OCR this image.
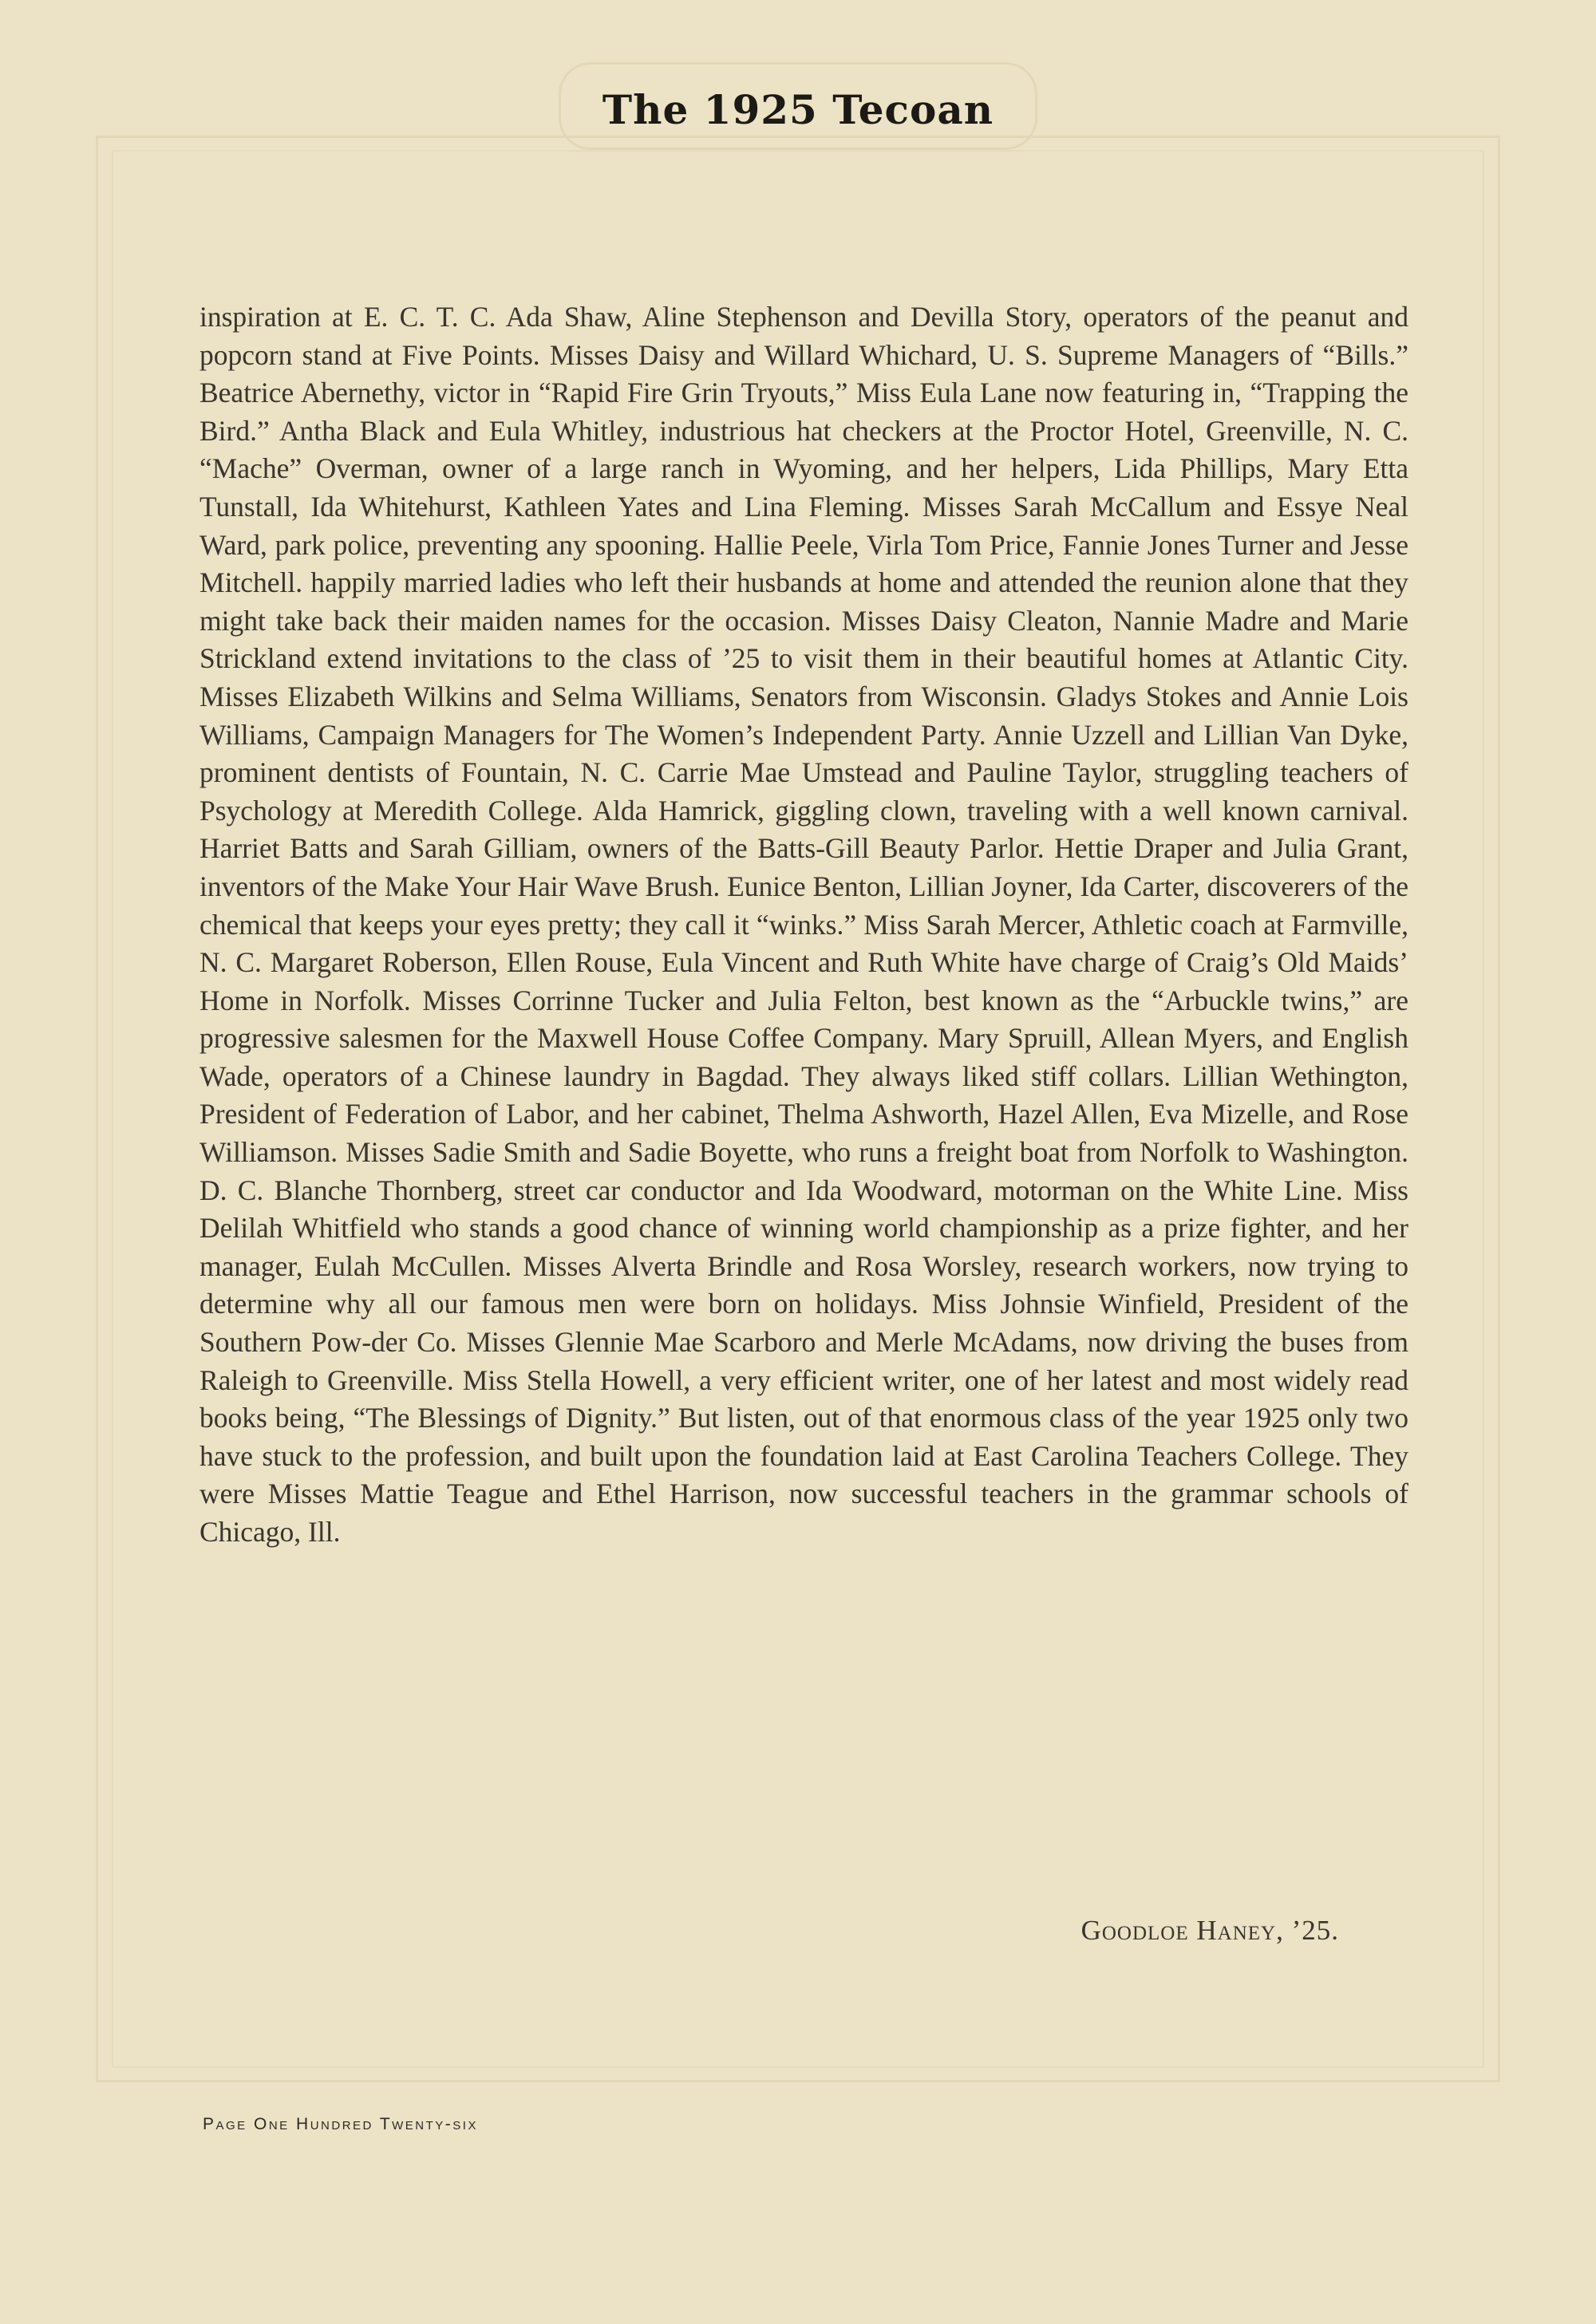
The 1925 Tecoan
inspiration at E. C. T. C. Ada Shaw, Aline Stephenson and Devilla Story, operators of the peanut and popcorn stand at Five Points. Misses Daisy and Willard Whichard, U. S. Supreme Managers of “Bills.” Beatrice Abernethy, victor in “Rapid Fire Grin Tryouts,” Miss Eula Lane now featuring in, “Trapping the Bird.” Antha Black and Eula Whitley, industrious hat checkers at the Proctor Hotel, Greenville, N. C. “Mache” Overman, owner of a large ranch in Wyoming, and her helpers, Lida Phillips, Mary Etta Tunstall, Ida Whitehurst, Kathleen Yates and Lina Fleming. Misses Sarah McCallum and Essye Neal Ward, park police, preventing any spooning. Hallie Peele, Virla Tom Price, Fannie Jones Turner and Jesse Mitchell. happily married ladies who left their husbands at home and attended the reunion alone that they might take back their maiden names for the occasion. Misses Daisy Cleaton, Nannie Madre and Marie Strickland extend invitations to the class of ’25 to visit them in their beautiful homes at Atlantic City. Misses Elizabeth Wilkins and Selma Williams, Senators from Wisconsin. Gladys Stokes and Annie Lois Williams, Campaign Managers for The Women’s Independent Party. Annie Uzzell and Lillian Van Dyke, prominent dentists of Fountain, N. C. Carrie Mae Umstead and Pauline Taylor, struggling teachers of Psychology at Meredith College. Alda Hamrick, giggling clown, traveling with a well known carnival. Harriet Batts and Sarah Gilliam, owners of the Batts-Gill Beauty Parlor. Hettie Draper and Julia Grant, inventors of the Make Your Hair Wave Brush. Eunice Benton, Lillian Joyner, Ida Carter, discoverers of the chemical that keeps your eyes pretty; they call it “winks.” Miss Sarah Mercer, Athletic coach at Farmville, N. C. Margaret Roberson, Ellen Rouse, Eula Vincent and Ruth White have charge of Craig’s Old Maids’ Home in Norfolk. Misses Corrinne Tucker and Julia Felton, best known as the “Arbuckle twins,” are progressive salesmen for the Maxwell House Coffee Company. Mary Spruill, Allean Myers, and English Wade, operators of a Chinese laundry in Bagdad. They always liked stiff collars. Lillian Wethington, President of Federation of Labor, and her cabinet, Thelma Ashworth, Hazel Allen, Eva Mizelle, and Rose Williamson. Misses Sadie Smith and Sadie Boyette, who runs a freight boat from Norfolk to Washington. D. C. Blanche Thornberg, street car conductor and Ida Woodward, motorman on the White Line. Miss Delilah Whitfield who stands a good chance of winning world championship as a prize fighter, and her manager, Eulah McCullen. Misses Alverta Brindle and Rosa Worsley, research workers, now trying to determine why all our famous men were born on holidays. Miss Johnsie Winfield, President of the Southern Pow-der Co. Misses Glennie Mae Scarboro and Merle McAdams, now driving the buses from Raleigh to Greenville. Miss Stella Howell, a very efficient writer, one of her latest and most widely read books being, “The Blessings of Dignity.” But listen, out of that enormous class of the year 1925 only two have stuck to the profession, and built upon the foundation laid at East Carolina Teachers College. They were Misses Mattie Teague and Ethel Harrison, now successful teachers in the grammar schools of Chicago, Ill.
Goodloe Haney, ’25.
Page One Hundred Twenty-six
